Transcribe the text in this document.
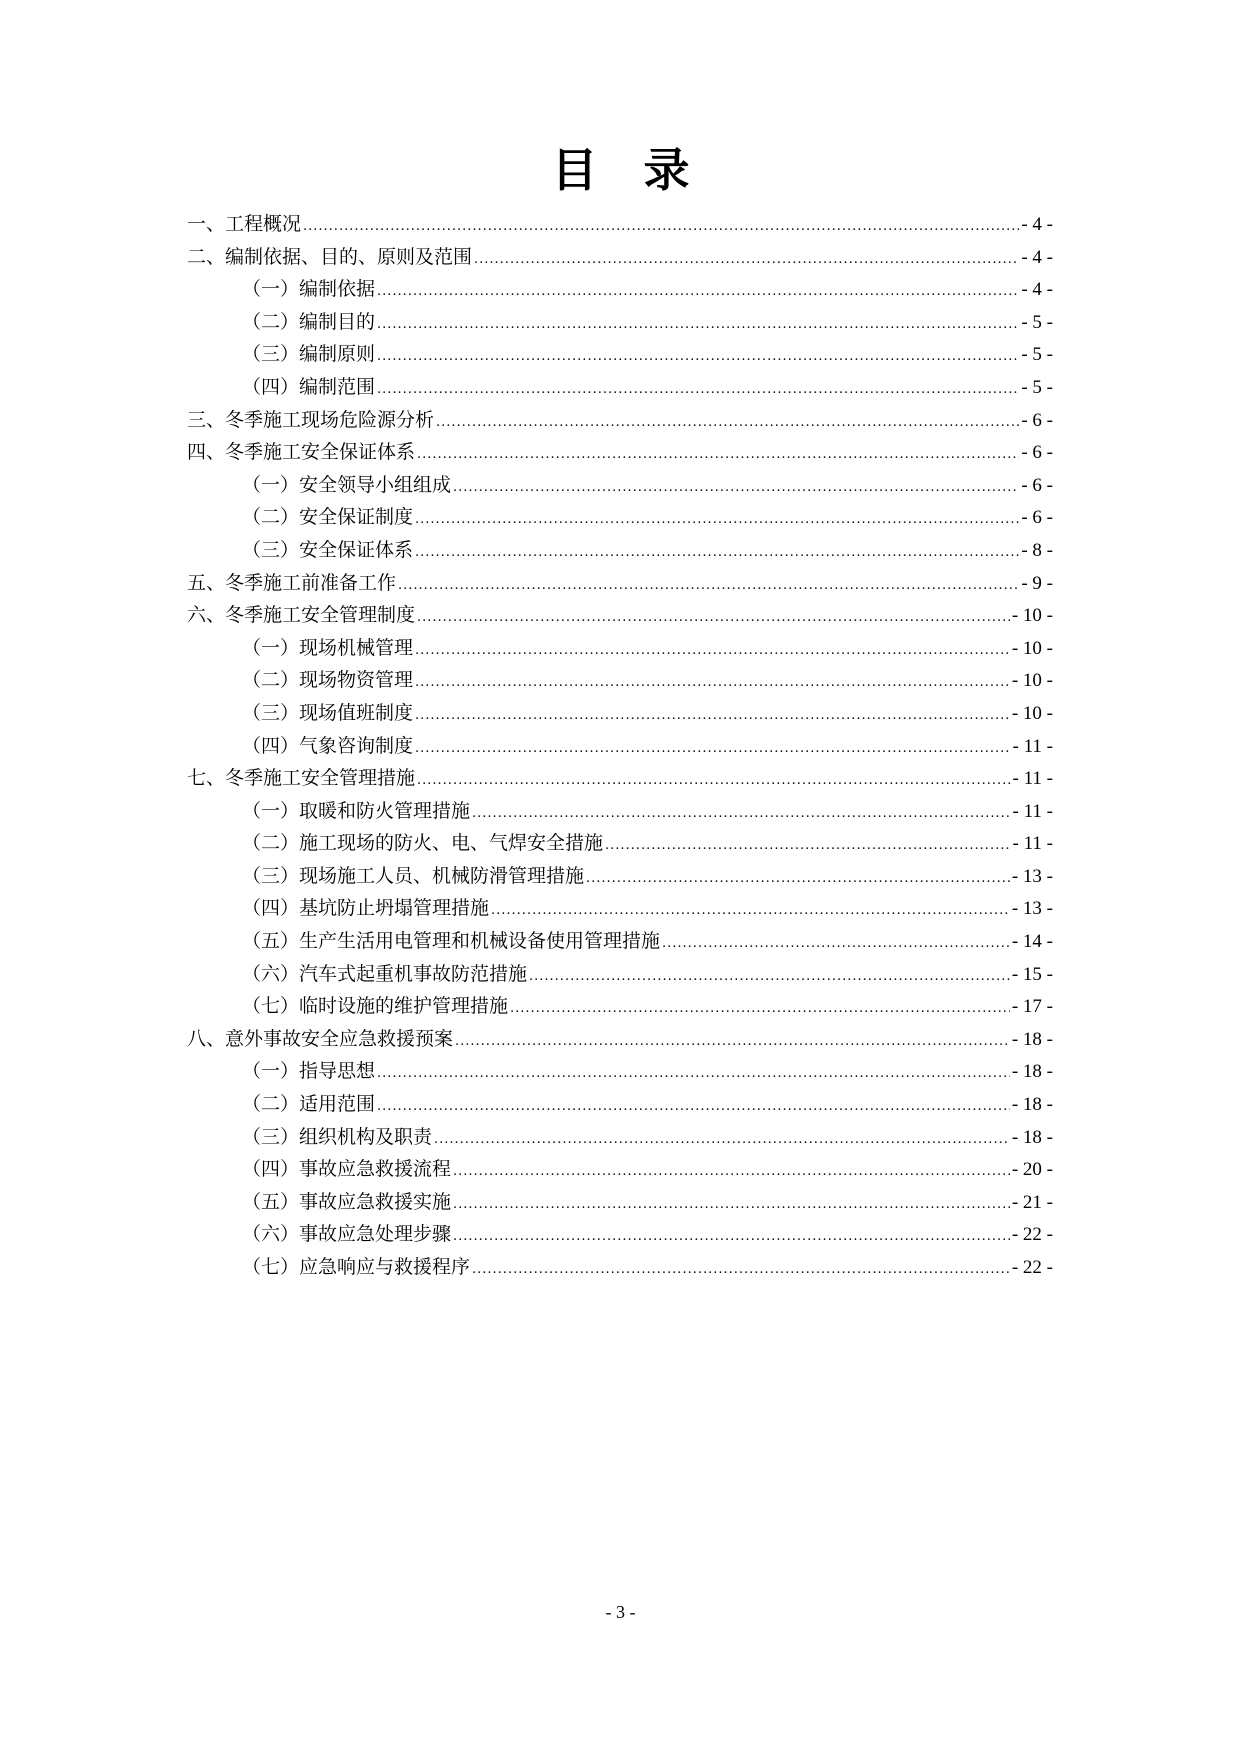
目　录
一、工程概况 .....	- 4 -
二、编制依据、目的、原则及范围 .....	- 4 -
（一）编制依据 .....	- 4 -
（二）编制目的 .....	- 5 -
（三）编制原则 .....	- 5 -
（四）编制范围 .....	- 5 -
三、冬季施工现场危险源分析 .....	- 6 -
四、冬季施工安全保证体系 .....	- 6 -
（一）安全领导小组组成 .....	- 6 -
（二）安全保证制度 .....	- 6 -
（三）安全保证体系 .....	- 8 -
五、冬季施工前准备工作 .....	- 9 -
六、冬季施工安全管理制度 .....	- 10 -
（一）现场机械管理 .....	- 10 -
（二）现场物资管理 .....	- 10 -
（三）现场值班制度 .....	- 10 -
（四）气象咨询制度 .....	- 11 -
七、冬季施工安全管理措施 .....	- 11 -
（一）取暖和防火管理措施 .....	- 11 -
（二）施工现场的防火、电、气焊安全措施 .....	- 11 -
（三）现场施工人员、机械防滑管理措施 .....	- 13 -
（四）基坑防止坍塌管理措施 .....	- 13 -
（五）生产生活用电管理和机械设备使用管理措施 .....	- 14 -
（六）汽车式起重机事故防范措施 .....	- 15 -
（七）临时设施的维护管理措施 .....	- 17 -
八、意外事故安全应急救援预案 .....	- 18 -
（一）指导思想 .....	- 18 -
（二）适用范围 .....	- 18 -
（三）组织机构及职责 .....	- 18 -
（四）事故应急救援流程 .....	- 20 -
（五）事故应急救援实施 .....	- 21 -
（六）事故应急处理步骤 .....	- 22 -
（七）应急响应与救援程序 .....	- 22 -
- 3 -
